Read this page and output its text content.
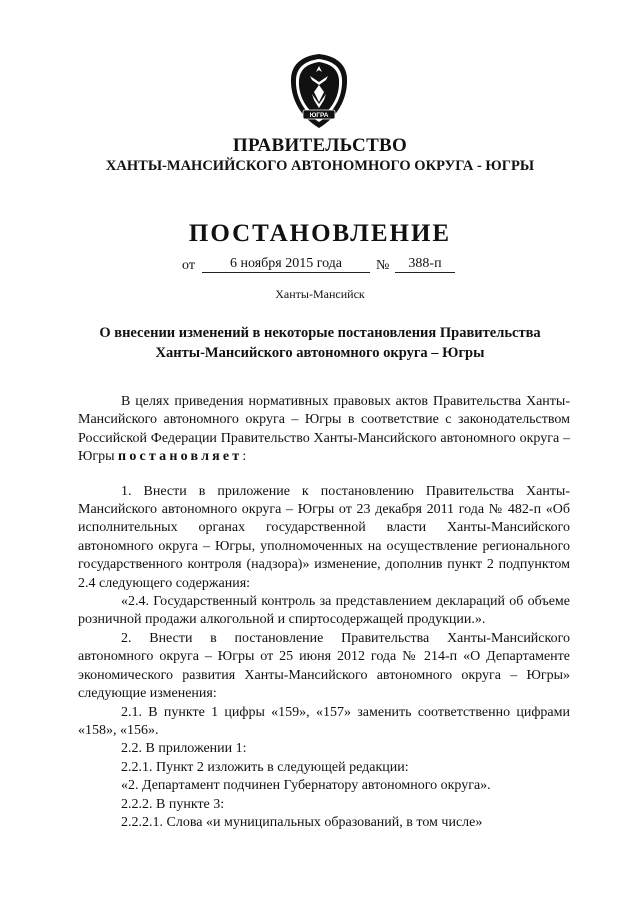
ЮГРА
ПРАВИТЕЛЬСТВО
ХАНТЫ-МАНСИЙСКОГО АВТОНОМНОГО ОКРУГА - ЮГРЫ
ПОСТАНОВЛЕНИЕ
от	6 ноября 2015 года	№	388-п
Ханты-Мансийск
О внесении изменений в некоторые постановления Правительства
Ханты-Мансийского автономного округа – Югры

В целях приведения нормативных правовых актов Правительства Ханты-Мансийского автономного округа – Югры в соответствие с законодательством Российской Федерации Правительство Ханты-Мансийского автономного округа – Югры постановляет:

1. Внести в приложение к постановлению Правительства Ханты-Мансийского автономного округа – Югры от 23 декабря 2011 года № 482-п «Об исполнительных органах государственной власти Ханты-Мансийского автономного округа – Югры, уполномоченных на осуществление регионального государственного контроля (надзора)» изменение, дополнив пункт 2 подпунктом 2.4 следующего содержания:

«2.4. Государственный контроль за представлением деклараций об объеме розничной продажи алкогольной и спиртосодержащей продукции.».

2. Внести в постановление Правительства Ханты-Мансийского автономного округа – Югры от 25 июня 2012 года № 214-п «О Департаменте экономического развития Ханты-Мансийского автономного округа – Югры» следующие изменения:

2.1. В пункте 1 цифры «159», «157» заменить соответственно цифрами «158», «156».

2.2. В приложении 1:

2.2.1. Пункт 2 изложить в следующей редакции:

«2. Департамент подчинен Губернатору автономного округа».

2.2.2. В пункте 3:

2.2.2.1. Слова «и муниципальных образований, в том числе»
